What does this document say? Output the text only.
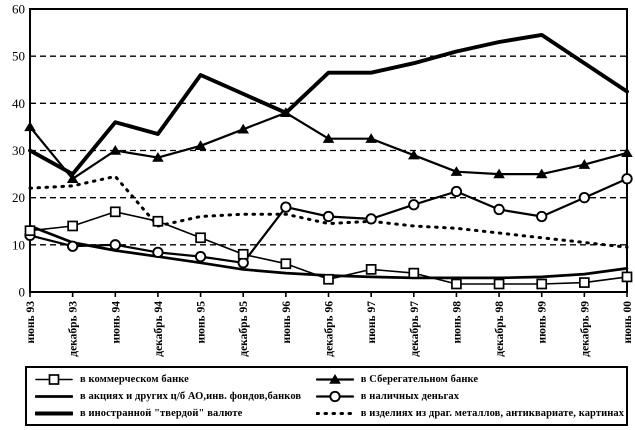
0
10
20
30
40
50
60
июнь 93	декабрь 93	июнь 94	декабрь 94	июнь 95	декабрь 95	июнь 96	декабрь 96	июнь 97	декабрь 97	июнь 98	декабрь 98	июнь 99	декабрь 99	июнь 00
в коммерческом банке	в Сберегательном банке
в акциях и других ц/б АО,инв. фондов,банков	в наличных деньгах
в иностранной "твердой" валюте	в изделиях из драг. металлов, антиквариате, картинах
